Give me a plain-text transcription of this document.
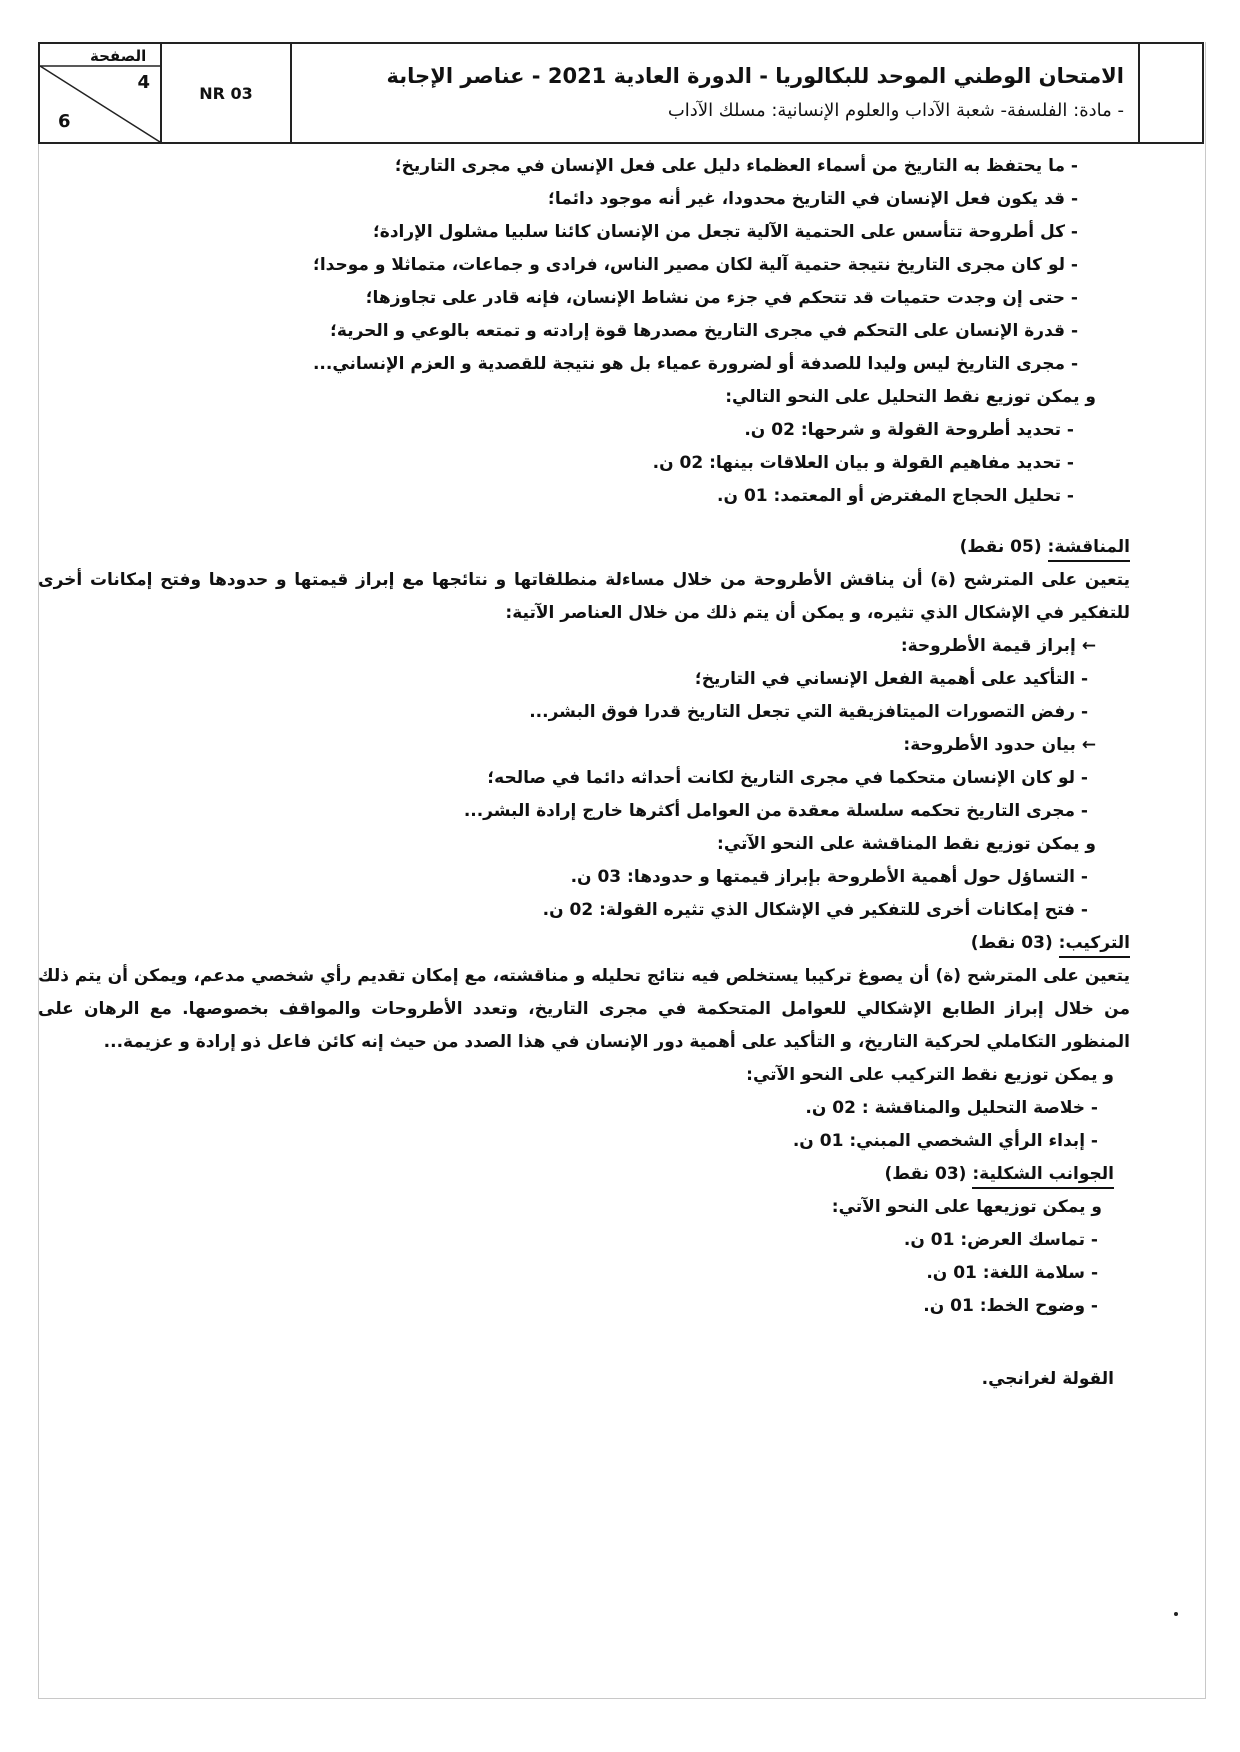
الصفحة
4
6
NR 03
الامتحان الوطني الموحد للبكالوريا - الدورة العادية 2021 - عناصر الإجابة
- مادة: الفلسفة- شعبة الآداب والعلوم الإنسانية: مسلك الآداب
- ما يحتفظ به التاريخ من أسماء العظماء دليل على فعل الإنسان في مجرى التاريخ؛
- قد يكون فعل الإنسان في التاريخ محدودا، غير أنه موجود دائما؛
- كل أطروحة تتأسس على الحتمية الآلية تجعل من الإنسان كائنا سلبيا مشلول الإرادة؛
- لو كان مجرى التاريخ نتيجة حتمية آلية لكان مصير الناس، فرادى و جماعات، متماثلا و موحدا؛
- حتى إن وجدت حتميات قد تتحكم في جزء من نشاط الإنسان، فإنه قادر على تجاوزها؛
- قدرة الإنسان على التحكم في مجرى التاريخ مصدرها قوة إرادته و تمتعه بالوعي و الحرية؛
- مجرى التاريخ ليس وليدا للصدفة أو لضرورة عمياء بل هو نتيجة للقصدية و العزم الإنساني...
و يمكن توزيع نقط التحليل على النحو التالي:
- تحديد أطروحة القولة و شرحها: 02 ن.
- تحديد مفاهيم القولة و بيان العلاقات بينها: 02 ن.
- تحليل الحجاج المفترض أو المعتمد: 01 ن.
المناقشة: (05 نقط)
يتعين على المترشح (ة) أن يناقش الأطروحة من خلال مساءلة منطلقاتها و نتائجها مع إبراز قيمتها و حدودها وفتح إمكانات أخرى للتفكير في الإشكال الذي تثيره، و يمكن أن يتم ذلك من خلال العناصر الآتية:
← إبراز قيمة الأطروحة:
- التأكيد على أهمية الفعل الإنساني في التاريخ؛
- رفض التصورات الميتافزيقية التي تجعل التاريخ قدرا فوق البشر...
← بيان حدود الأطروحة:
- لو كان الإنسان متحكما في مجرى التاريخ لكانت أحداثه دائما في صالحه؛
- مجرى التاريخ تحكمه سلسلة معقدة من العوامل أكثرها خارج إرادة البشر...
و يمكن توزيع نقط المناقشة على النحو الآتي:
- التساؤل حول أهمية الأطروحة بإبراز قيمتها و حدودها: 03 ن.
- فتح إمكانات أخرى للتفكير في الإشكال الذي تثيره القولة: 02 ن.
التركيب: (03 نقط)
يتعين على المترشح (ة) أن يصوغ تركيبا يستخلص فيه نتائج تحليله و مناقشته، مع إمكان تقديم رأي شخصي مدعم، ويمكن أن يتم ذلك من خلال إبراز الطابع الإشكالي للعوامل المتحكمة في مجرى التاريخ، وتعدد الأطروحات والمواقف بخصوصها. مع الرهان على المنظور التكاملي لحركية التاريخ، و التأكيد على أهمية دور الإنسان في هذا الصدد من حيث إنه كائن فاعل ذو إرادة و عزيمة...
و يمكن توزيع نقط التركيب على النحو الآتي:
- خلاصة التحليل والمناقشة : 02 ن.
- إبداء الرأي الشخصي المبني: 01 ن.
الجوانب الشكلية: (03 نقط)
و يمكن توزيعها على النحو الآتي:
- تماسك العرض: 01 ن.
- سلامة اللغة: 01 ن.
- وضوح الخط: 01 ن.
القولة لغرانجي.
